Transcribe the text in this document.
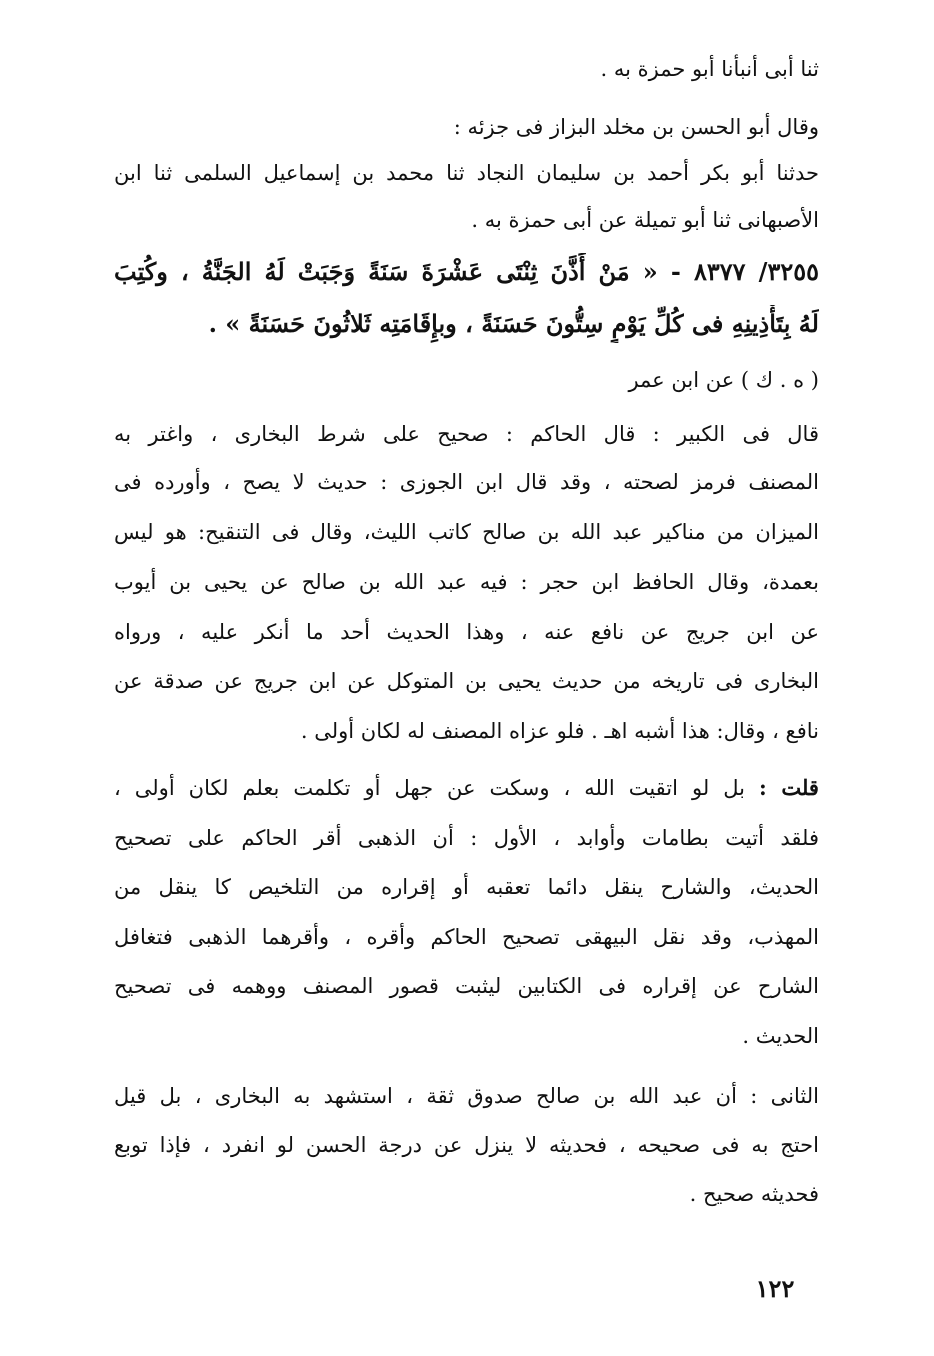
ثنا أبى أنبأنا أبو حمزة به .
وقال أبو الحسن بن مخلد البزاز فى جزئه :
حدثنا أبو بكر أحمد بن سليمان النجاد ثنا محمد بن إسماعيل السلمى ثنا ابن
الأصبهانى ثنا أبو تميلة عن أبى حمزة به .
٣٢٥٥/ ٨٣٧٧ - « مَنْ أَذَّنَ ثِنْتَى عَشْرَةَ سَنَةً وَجَبَتْ لَهُ الجَنَّةُ ، وكُتِبَ
لَهُ بِتَأْذِينِهِ فى كُلِّ يَوْمٍ سِتُّونَ حَسَنَةً ، وبإِقَامَتِه ثَلاثُونَ حَسَنَةً » .
( ه . ك ) عن ابن عمر
قال فى الكبير : قال الحاكم : صحيح على شرط البخارى ، واغتر به
المصنف فرمز لصحته ، وقد قال ابن الجوزى : حديث لا يصح ، وأورده فى
الميزان من مناكير عبد الله بن صالح كاتب الليث، وقال فى التنقيح: هو ليس
بعمدة، وقال الحافظ ابن حجر : فيه عبد الله بن صالح عن يحيى بن أيوب
عن ابن جريج عن نافع عنه ، وهذا الحديث أحد ما أنكر عليه ، ورواه
البخارى فى تاريخه من حديث يحيى بن المتوكل عن ابن جريج عن صدقة عن
نافع ، وقال: هذا أشبه اهـ . فلو عزاه المصنف له لكان أولى .
قلت : بل لو اتقيت الله ، وسكت عن جهل أو تكلمت بعلم لكان أولى ،
فلقد أتيت بطامات وأوابد ، الأول : أن الذهبى أقر الحاكم على تصحيح
الحديث، والشارح ينقل دائما تعقبه أو إقراره من التلخيص كا ينقل من
المهذب، وقد نقل البيهقى تصحيح الحاكم وأقره ، وأقرهما الذهبى فتغافل
الشارح عن إقراره فى الكتابين ليثبت قصور المصنف ووهمه فى تصحيح
الحديث .
الثانى : أن عبد الله بن صالح صدوق ثقة ، استشهد به البخارى ، بل قيل
احتج به فى صحيحه ، فحديثه لا ينزل عن درجة الحسن لو انفرد ، فإذا توبع
فحديثه صحيح .
١٢٢
